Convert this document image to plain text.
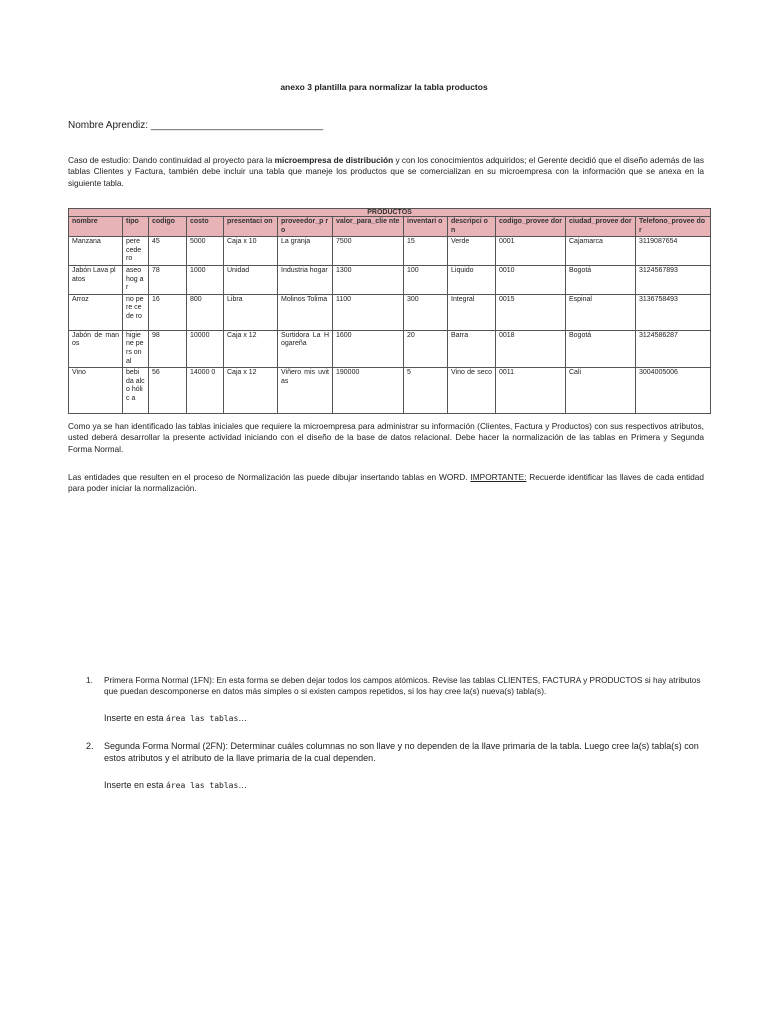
anexo 3 plantilla para normalizar la tabla productos
Nombre Aprendiz: _______________________________
Caso de estudio: Dando continuidad al proyecto para la microempresa de distribución y con los conocimientos adquiridos; el Gerente decidió que el diseño además de las tablas Clientes y Factura, también debe incluir una tabla que maneje los productos que se comercializan en su microempresa con la información que se anexa en la siguiente tabla.
PRODUCTOS											
nombre	tipo	codigo	costo	presentaci on	proveedor_p ro	valor_para_clie nte	inventari o	descripci on	codigo_provee dor	ciudad_provee dor	Telefono_provee dor
Manzana	pere cede ro	45	5000	Caja x 10	La granja	7500	15	Verde	0001	Cajamarca	3119087654
Jabón Lava platos	aseo hog ar	78	1000	Unidad	Industria hogar	1300	100	Liquido	0010	Bogotá	3124567893
Arroz	no pere cede ro	16	800	Libra	Molinos Tolima	1100	300	Integral	0015	Espinal	3136758493
Jabón de manos	higie ne pers onal	98	10000	Caja x 12	Surtidora La Hogareña	1600	20	Barra	0018	Bogotá	3124586287
Vino	bebi da alco hólic a	56	14000 0	Caja x 12	Viñero mis uvitas	190000	5	Vino de seco	0011	Cali	3004005006
Como ya se han identificado las tablas iniciales que requiere la microempresa para administrar su información (Clientes, Factura y Productos) con sus respectivos atributos, usted deberá desarrollar la presente actividad iniciando con el diseño de la base de datos relacional. Debe hacer la normalización de las tablas en Primera y Segunda Forma Normal.
Las entidades que resulten en el proceso de Normalización las puede dibujar insertando tablas en WORD. IMPORTANTE: Recuerde identificar las llaves de cada entidad para poder iniciar la normalización.
1. Primera Forma Normal (1FN): En esta forma se deben dejar todos los campos atómicos. Revise las tablas CLIENTES, FACTURA y PRODUCTOS si hay atributos que puedan descomponerse en datos más simples o si existen campos repetidos, si los hay cree la(s) nueva(s) tabla(s).
Inserte en esta área las tablas…
2. Segunda Forma Normal (2FN): Determinar cuáles columnas no son llave y no dependen de la llave primaria de la tabla. Luego cree la(s) tabla(s) con estos atributos y el atributo de la llave primaria de la cual dependen.
Inserte en esta área las tablas…
